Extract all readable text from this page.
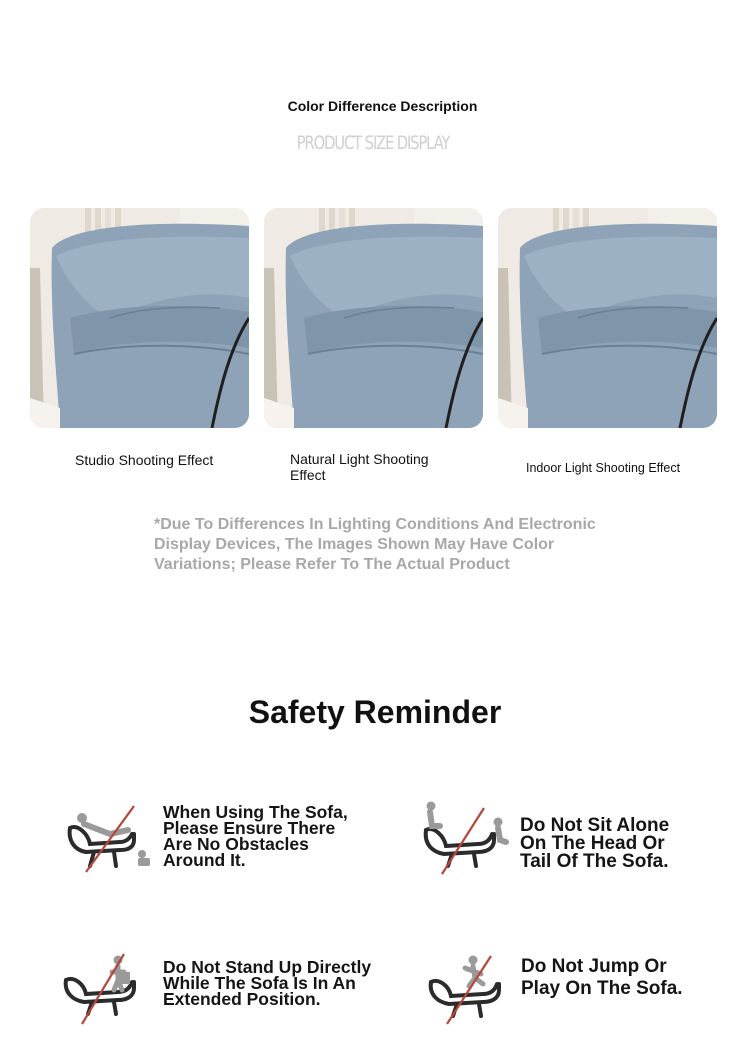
Color Difference Description
PRODUCT SIZE DISPLAY
Studio Shooting Effect	Natural Light Shooting Effect	Indoor Light Shooting Effect
*Due To Differences In Lighting Conditions And Electronic Display Devices, The Images Shown May Have Color Variations; Please Refer To The Actual Product
Safety Reminder
When Using The Sofa, Please Ensure There Are No Obstacles Around It.
Do Not Sit Alone On The Head Or Tail Of The Sofa.
Do Not Stand Up Directly While The Sofa Is In An Extended Position.
Do Not Jump Or Play On The Sofa.
